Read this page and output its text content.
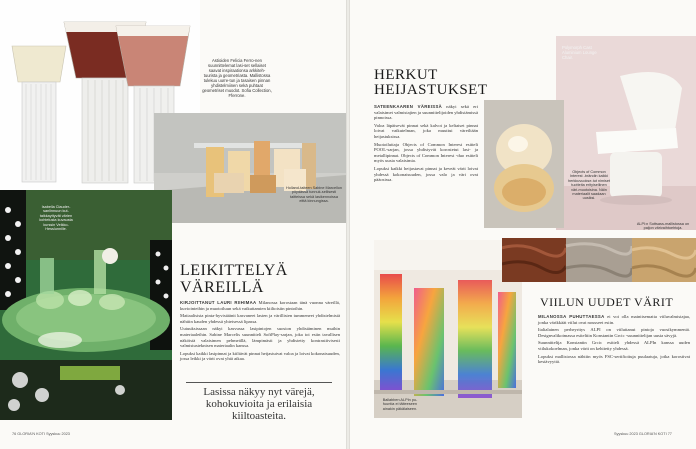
Astioiden Felicia Ferro-nen suunnittelemat lasi-set sellaiset saavat inspiraationsa arkkiteh-tuurista ja geometriasta. Mallistossa tulekuu uurre-tun ja tasaisen pinnan yhdistelmiinen sekä puhtaat geometriset muodot. Sofia Collection, Fferrone.
Holland-taiteen Sabine Marcellon pöydässä tunnuk-sellisesti taitteissa sekä lasikennoissa eittä kinnungissa.
Isabella Clauder-sanlinnuun kut-taikkayttyvät värien kohtelusta kuvausta kurssin Veikko-Hesslunnille.
LEIKITTELYÄ
VÄREILLÄ

KIRJOITTANUT LAURI RIIHIMAA Milanossa korostaan tänä vuonna väreillä, kuviointeihin ja muotoiluun sekä vaikuttamien kiiltoisiin pintoihin.

Matiaalisista pinta-hyvistäänit kasvaneet lasten ja värillisten tummeneet yhdistelmistä nähtiin kauden yhdessä yhteisessä lipassa.

Uutuuksissaan näkyi kasvussa lasipintojen suosion yhdistäminen muihin materiaaleihin. Sabine Marcelis suunnitteli SoftPlay-sarjan, joka toi esiin tavallisen näköistä valaisimen pehmeällä, lämpimästi ja yhdistetty kontrastiivisesti valmistusteknisen materiaalin kanssa.

Lopuksi kaikki lasipinnat ja kiiltävät pinnat heijastuivat valoa ja loivat kokonaisuuden, jossa leikki ja värit ovat yhtä aikaa.

Lasissa näkyy nyt värejä, kohokuvioita ja erilaisia kiiltoasteita.
76 GLORIA'N KOTI Syyskuu 2023
HERKUT
HEIJASTUKSET

SATEENKAAREN VÄREISSÄ näkyi sekä eri valaisimet valmistajien ja suunnittelijoiden yhdistämissä pinnoissa.

Valoa läpäisevät pinnat sekä kalvot ja keltaiset pinnat loivat vaikutelman, joka muuttui väreiltään heijastuksissa.

Muotoiluttaja Objects of Common Interest esitteli POOL-sarjan, jossa yhdistyvät korostetut lasi- ja metallipinnat. Objects of Common Interest -duo esitteli myös uusia valaisimia.

Lopuksi kaikki heijastavat pinnat ja keveät värit loivat yhdessä kokonaisuuden, jossa valo ja väri ovat pääosissa.

Polymorph Cast Aluminium Lounge Chair.
Objects of Common Interest -brändin kaikki herkkuvuokse-tut nimiset tuotteita erityisellinen väri-muotoisina. Näin materiaalit saadaan uusiksi.
Ballabben ALPIn pu-fuuntia ei täiteeseen ainakin päkälaiseen.
ALPI:n Sottsass-mallistossa on paljon värivaihtoehtoja.
VIILUN UUDET VÄRIT

MILANOSSA PUHUTTAESSA ei voi olla mainitsematta viiluvalmistajaa, jonka värikkäät viilut ovat nousseet esiin.

Italialainen perheyritys ALPI on viiluttanut pintoja vuosikymmeniä. Designvalikoimassa esiteltiin Konstantin Grcic -suunnittelijan uusia sävyjä.

Suunnittelija Konstantin Grcic esitteli yhdessä ALPIn kanssa uuden viilukokoelman, jonka värit on kehitetty yhdessä.

Lopuksi mallistossa nähtiin myös FSC-sertifioituja puulaatuja, jotka korostivat kestävyyttä.

Syyskuu 2023 GLORIA'N KOTI 77
